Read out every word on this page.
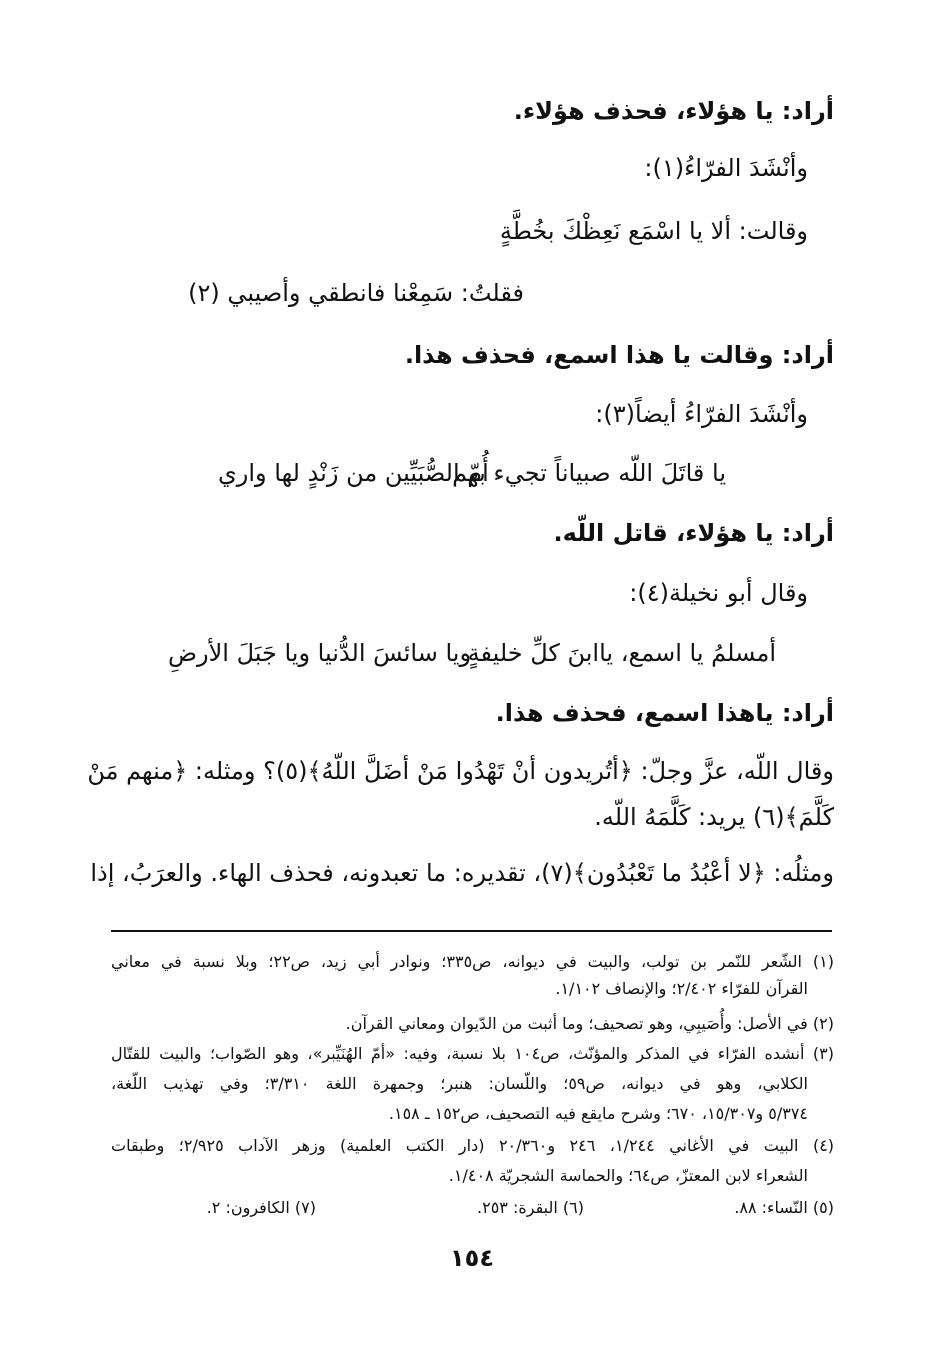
أراد: يا هؤلاء، فحذف هؤلاء.
وأنْشَدَ الفرّاءُ(١):
وقالت: ألا يا اسْمَع نَعِظْكَ بخُطَّةٍ
فقلتُ: سَمِعْنا فانطقي وأصيبي (٢)
أراد: وقالت يا هذا اسمع، فحذف هذا.
وأنْشَدَ الفرّاءُ أيضاً(٣):
يا قاتَلَ اللّه صبياناً تجيء بهم
أُمّ الصُّبَيِّين من زَنْدٍ لها واري
أراد: يا هؤلاء، قاتل اللّه.
وقال أبو نخيلة(٤):
أمسلمُ يا اسمع، ياابنَ كلِّ خليفةٍ
ويا سائسَ الدُّنيا ويا جَبَلَ الأرضِ
أراد: ياهذا اسمع، فحذف هذا.
وقال اللّه، عزَّ وجلّ: ﴿أتُريدون أنْ تَهْدُوا مَنْ أضَلَّ اللّهُ﴾(٥)؟ ومثله: ﴿منهم مَنْ
كَلَّمَ﴾(٦) يريد: كَلَّمَهُ اللّه.
ومثلُه: ﴿لا أعْبُدُ ما تَعْبُدُون﴾(٧)، تقديره: ما تعبدونه، فحذف الهاء. والعرَبُ، إذا
(١) الشّعر للنّمر بن تولب، والبيت في ديوانه، ص٣٣٥؛ ونوادر أبي زيد، ص٢٢؛ وبلا نسبة في معاني
القرآن للفرّاء ٢/٤٠٢؛ والإنصاف ١/١٠٢.
(٢) في الأصل: وأُصَيبِي، وهو تصحيف؛ وما أثبت من الدّيوان ومعاني القرآن.
(٣) أنشده الفرّاء في المذكر والمؤنّث، ص١٠٤ بلا نسبة، وفيه: «أمّ الهُنَيِّبر»، وهو الصّواب؛ والبيت للقتّال
الكلابي، وهو في ديوانه، ص٥٩؛ واللّسان: هنبر؛ وجمهرة اللغة ٣/٣١٠؛ وفي تهذيب اللّغة،
٥/٣٧٤ و١٥/٣٠٧، ٦٧٠؛ وشرح مايقع فيه التصحيف، ص١٥٢ ـ ١٥٨.
(٤) البيت في الأغاني ١/٢٤٤، ٢٤٦ و٢٠/٣٦٠ (دار الكتب العلمية) وزهر الآداب ٢/٩٢٥؛ وطبقات
الشعراء لابن المعتزّ، ص٦٤؛ والحماسة الشجريّة ١/٤٠٨.
(٥) النّساء: ٨٨.
(٦) البقرة: ٢٥٣.
(٧) الكافرون: ٢.
١٥٤
